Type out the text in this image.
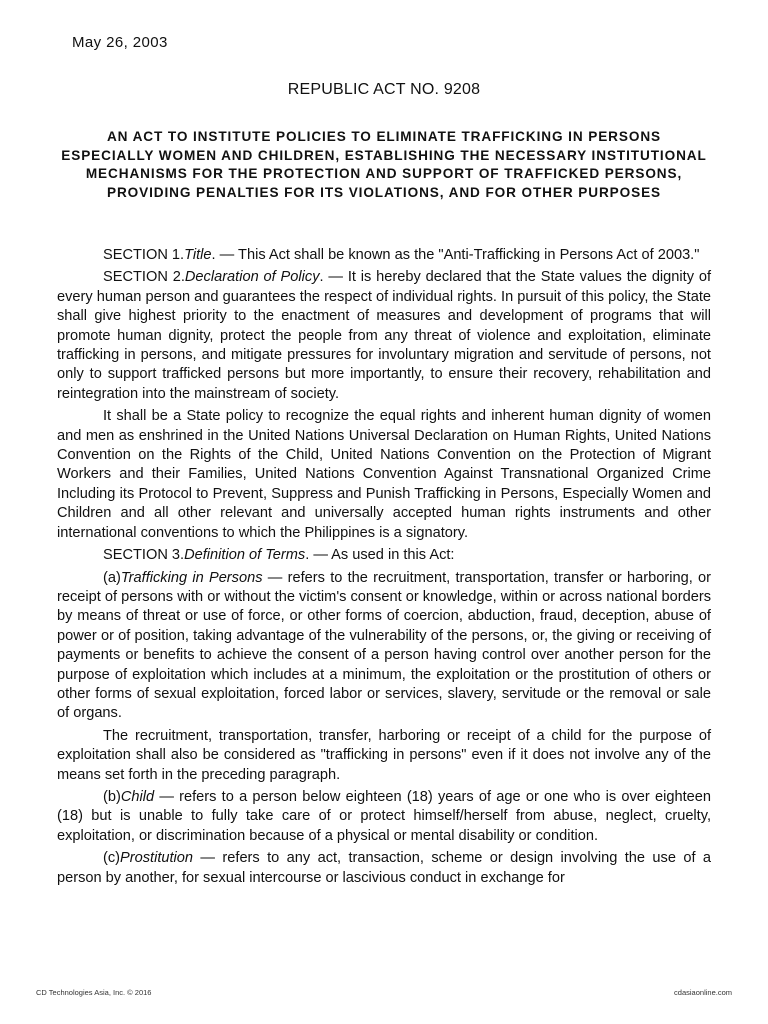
May 26, 2003
REPUBLIC ACT NO. 9208
AN ACT TO INSTITUTE POLICIES TO ELIMINATE TRAFFICKING IN PERSONS ESPECIALLY WOMEN AND CHILDREN, ESTABLISHING THE NECESSARY INSTITUTIONAL MECHANISMS FOR THE PROTECTION AND SUPPORT OF TRAFFICKED PERSONS, PROVIDING PENALTIES FOR ITS VIOLATIONS, AND FOR OTHER PURPOSES

SECTION 1.Title. — This Act shall be known as the "Anti-Trafficking in Persons Act of 2003."

SECTION 2.Declaration of Policy. — It is hereby declared that the State values the dignity of every human person and guarantees the respect of individual rights. In pursuit of this policy, the State shall give highest priority to the enactment of measures and development of programs that will promote human dignity, protect the people from any threat of violence and exploitation, eliminate trafficking in persons, and mitigate pressures for involuntary migration and servitude of persons, not only to support trafficked persons but more importantly, to ensure their recovery, rehabilitation and reintegration into the mainstream of society.

It shall be a State policy to recognize the equal rights and inherent human dignity of women and men as enshrined in the United Nations Universal Declaration on Human Rights, United Nations Convention on the Rights of the Child, United Nations Convention on the Protection of Migrant Workers and their Families, United Nations Convention Against Transnational Organized Crime Including its Protocol to Prevent, Suppress and Punish Trafficking in Persons, Especially Women and Children and all other relevant and universally accepted human rights instruments and other international conventions to which the Philippines is a signatory.

SECTION 3.Definition of Terms. — As used in this Act:

(a)Trafficking in Persons — refers to the recruitment, transportation, transfer or harboring, or receipt of persons with or without the victim's consent or knowledge, within or across national borders by means of threat or use of force, or other forms of coercion, abduction, fraud, deception, abuse of power or of position, taking advantage of the vulnerability of the persons, or, the giving or receiving of payments or benefits to achieve the consent of a person having control over another person for the purpose of exploitation which includes at a minimum, the exploitation or the prostitution of others or other forms of sexual exploitation, forced labor or services, slavery, servitude or the removal or sale of organs.

The recruitment, transportation, transfer, harboring or receipt of a child for the purpose of exploitation shall also be considered as "trafficking in persons" even if it does not involve any of the means set forth in the preceding paragraph.

(b)Child — refers to a person below eighteen (18) years of age or one who is over eighteen (18) but is unable to fully take care of or protect himself/herself from abuse, neglect, cruelty, exploitation, or discrimination because of a physical or mental disability or condition.

(c)Prostitution — refers to any act, transaction, scheme or design involving the use of a person by another, for sexual intercourse or lascivious conduct in exchange for

CD Technologies Asia, Inc. © 2016	cdasiaonline.com
